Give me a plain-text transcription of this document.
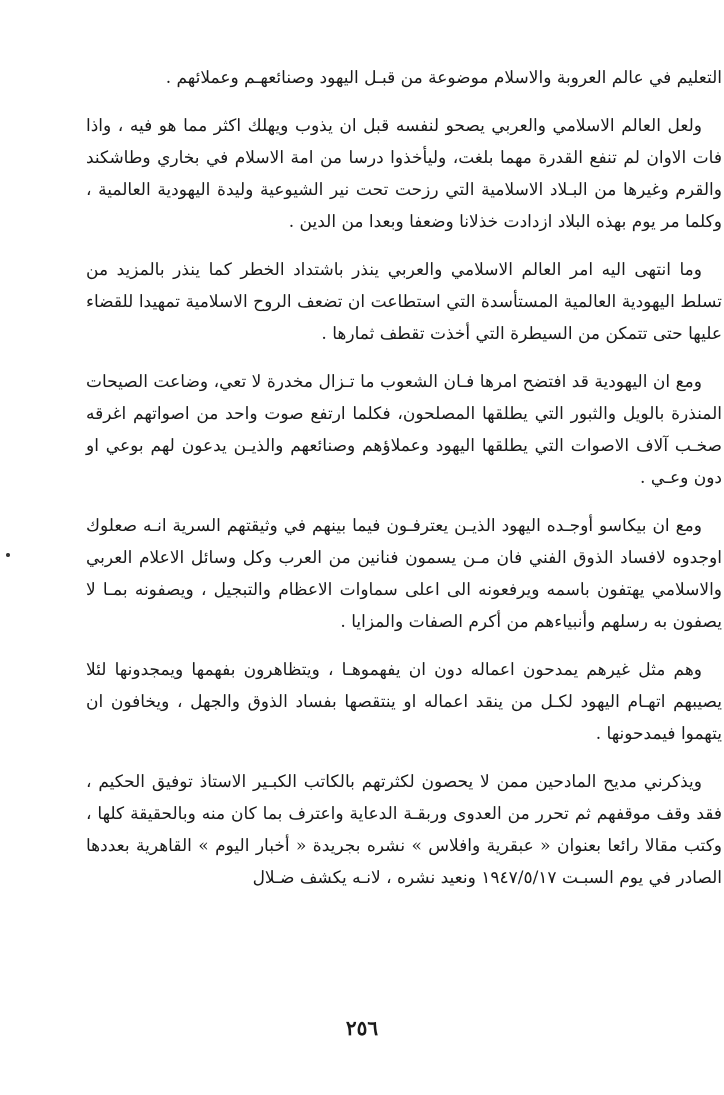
التعليم في عالم العروبة والاسلام موضوعة من قبـل اليهود وصنائعهـم وعملائهم .

ولعل العالم الاسلامي والعربي يصحو لنفسه قبل ان يذوب ويهلك اكثر مما هو فيه ، واذا فات الاوان لم تنفع القدرة مهما بلغت، وليأخذوا درسا من امة الاسلام في بخاري وطاشكند والقرم وغيرها من البـلاد الاسلامية التي رزحت تحت نير الشيوعية وليدة اليهودية العالمية ، وكلما مر يوم بهذه البلاد ازدادت خذلانا وضعفا وبعدا من الدين .

وما انتهى اليه امر العالم الاسلامي والعربي ينذر باشتداد الخطر كما ينذر بالمزيد من تسلط اليهودية العالمية المستأسدة التي استطاعت ان تضعف الروح الاسلامية تمهيدا للقضاء عليها حتى تتمكن من السيطرة التي أخذت تقطف ثمارها .

ومع ان اليهودية قد افتضح امرها فـان الشعوب ما تـزال مخدرة لا تعي، وضاعت الصيحات المنذرة بالويل والثبور التي يطلقها المصلحون، فكلما ارتفع صوت واحد من اصواتهم اغرقه صخـب آلاف الاصوات التي يطلقها اليهود وعملاؤهم وصنائعهم والذيـن يدعون لهم بوعي او دون وعـي .

ومع ان بيكاسو أوجـده اليهود الذيـن يعترفـون فيما بينهم في وثيقتهم السرية انـه صعلوك اوجدوه لافساد الذوق الفني فان مـن يسمون فنانين من العرب وكل وسائل الاعلام العربي والاسلامي يهتفون باسمه ويرفعونه الى اعلى سماوات الاعظام والتبجيل ، ويصفونه بمـا لا يصفون به رسلهم وأنبياءهم من أكرم الصفات والمزايا .

وهم مثل غيرهم يمدحون اعماله دون ان يفهموهـا ، ويتظاهرون بفهمها ويمجدونها لئلا يصيبهم اتهـام اليهود لكـل من ينقد اعماله او ينتقصها بفساد الذوق والجهل ، ويخافون ان يتهموا فيمدحونها .

ويذكرني مديح المادحين ممن لا يحصون لكثرتهم بالكاتب الكبـير الاستاذ توفيق الحكيم ، فقد وقف موقفهم ثم تحرر من العدوى وربقـة الدعاية واعترف بما كان منه وبالحقيقة كلها ، وكتب مقالا رائعا بعنوان « عبقرية وافلاس » نشره بجريدة « أخبار اليوم » القاهرية بعددها الصادر في يوم السبـت ١٩٤٧/٥/١٧ ونعيد نشره ، لانـه يكشف ضـلال

٢٥٦
